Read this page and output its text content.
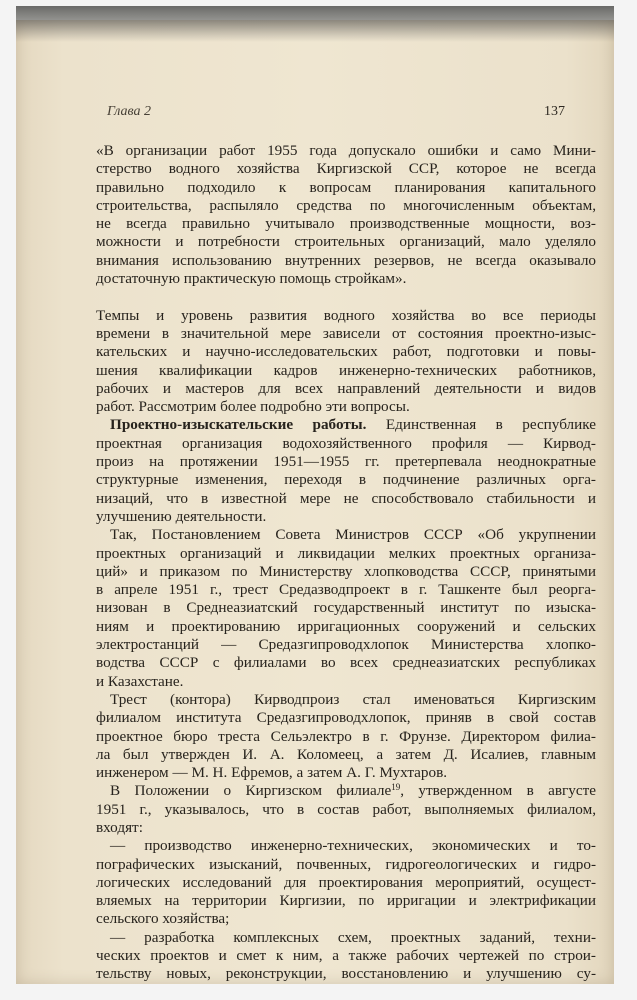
Глава 2	137
«В организации работ 1955 года допускало ошибки и само Мини-
стерство водного хозяйства Киргизской ССР, которое не всегда
правильно подходило к вопросам планирования капитального
строительства, распыляло средства по многочисленным объектам,
не всегда правильно учитывало производственные мощности, воз-
можности и потребности строительных организаций, мало уделяло
внимания использованию внутренних резервов, не всегда оказывало
достаточную практическую помощь стройкам».
Темпы и уровень развития водного хозяйства во все периоды
времени в значительной мере зависели от состояния проектно-изыс-
кательских и научно-исследовательских работ, подготовки и повы-
шения квалификации кадров инженерно-технических работников,
рабочих и мастеров для всех направлений деятельности и видов
работ. Рассмотрим более подробно эти вопросы.
Проектно-изыскательские работы. Единственная в республике
проектная организация водохозяйственного профиля — Кирвод-
произ на протяжении 1951—1955 гг. претерпевала неоднократные
структурные изменения, переходя в подчинение различных орга-
низаций, что в известной мере не способствовало стабильности и
улучшению деятельности.
Так, Постановлением Совета Министров СССР «Об укрупнении
проектных организаций и ликвидации мелких проектных организа-
ций» и приказом по Министерству хлопководства СССР, принятыми
в апреле 1951 г., трест Средазводпроект в г. Ташкенте был реорга-
низован в Среднеазиатский государственный институт по изыска-
ниям и проектированию ирригационных сооружений и сельских
электростанций — Средазгипроводхлопок Министерства хлопко-
водства СССР с филиалами во всех среднеазиатских республиках
и Казахстане.
Трест (контора) Кирводпроиз стал именоваться Киргизским
филиалом института Средазгипроводхлопок, приняв в свой состав
проектное бюро треста Сельэлектро в г. Фрунзе. Директором филиа-
ла был утвержден И. А. Коломеец, а затем Д. Исалиев, главным
инженером — М. Н. Ефремов, а затем А. Г. Мухтаров.
В Положении о Киргизском филиале$^{19}$, утвержденном в августе
1951 г., указывалось, что в состав работ, выполняемых филиалом,
входят:
— производство инженерно-технических, экономических и то-
пографических изысканий, почвенных, гидрогеологических и гидро-
логических исследований для проектирования мероприятий, осущест-
вляемых на территории Киргизии, по ирригации и электрификации
сельского хозяйства;
— разработка комплексных схем, проектных заданий, техни-
ческих проектов и смет к ним, а также рабочих чертежей по строи-
тельству новых, реконструкции, восстановлению и улучшению су-
